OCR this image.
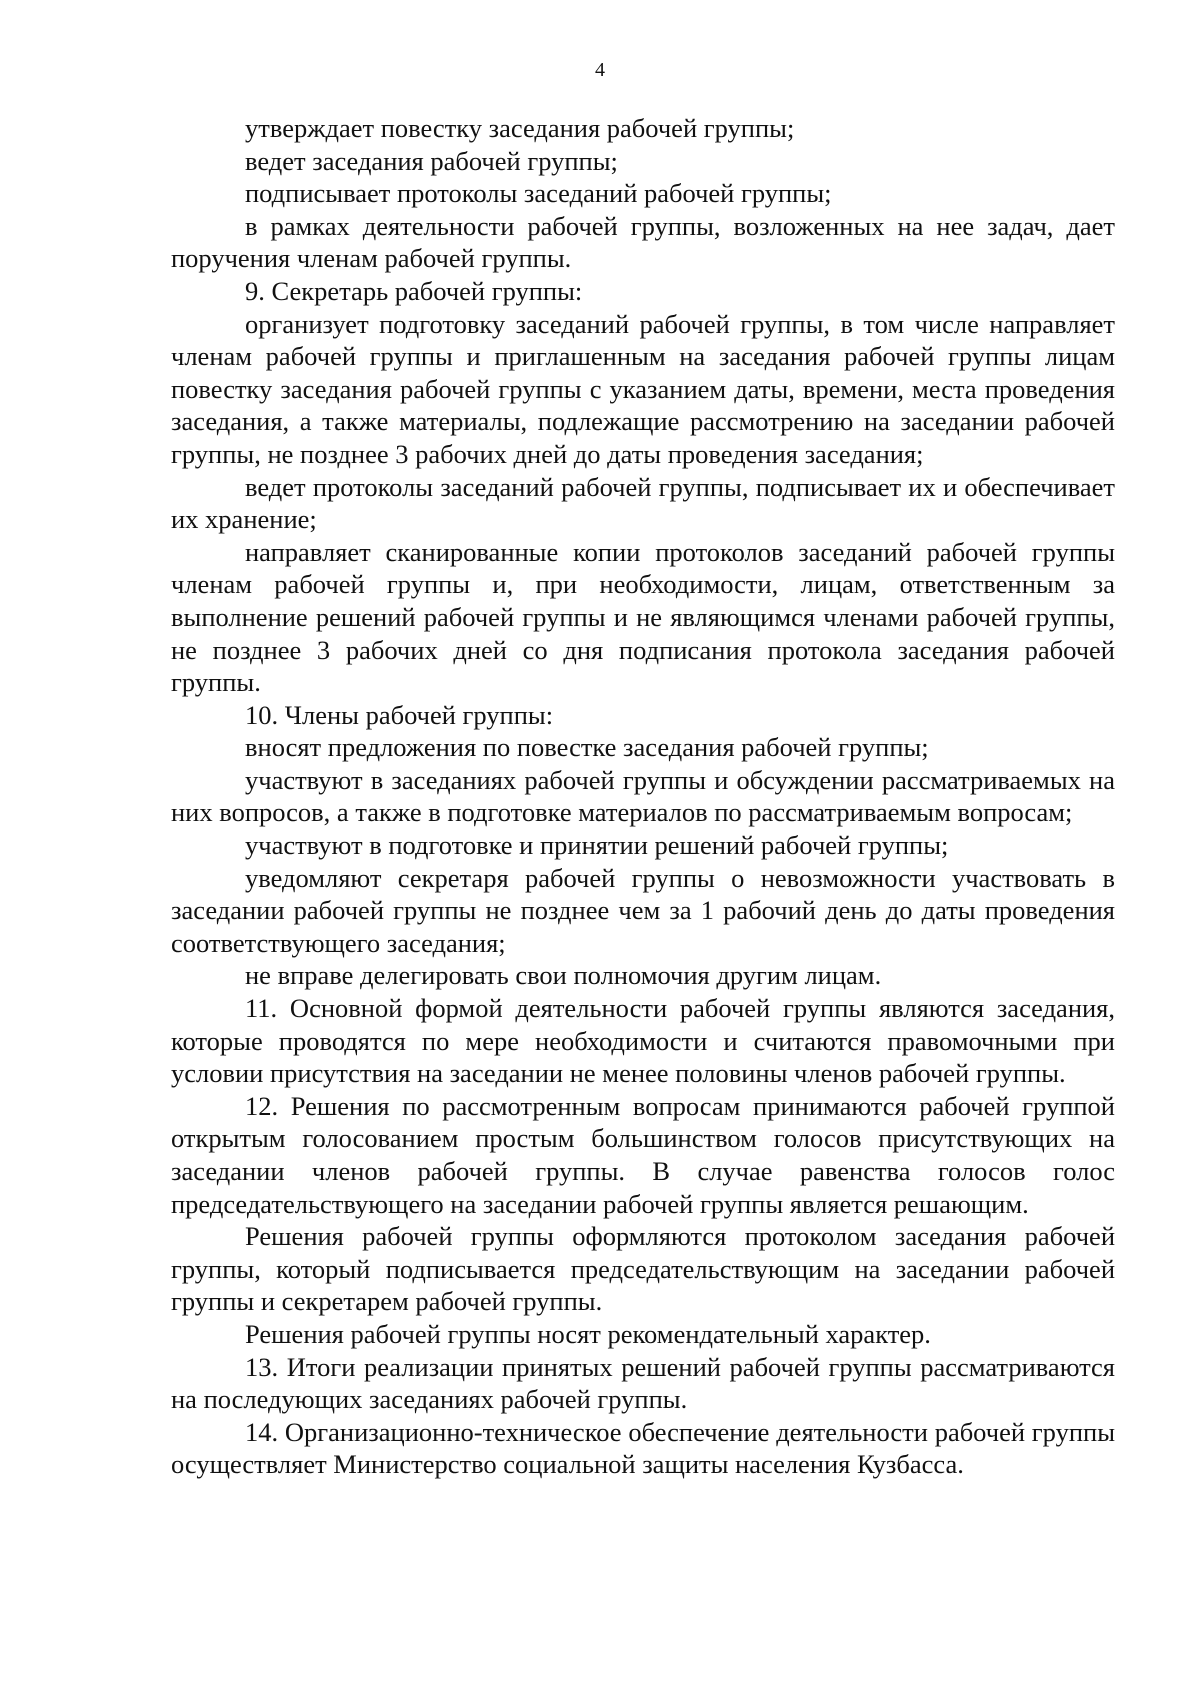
4

утверждает повестку заседания рабочей группы;

ведет заседания рабочей группы;

подписывает протоколы заседаний рабочей группы;

в рамках деятельности рабочей группы, возложенных на нее задач, дает поручения членам рабочей группы.

9. Секретарь рабочей группы:

организует подготовку заседаний рабочей группы, в том числе направляет членам рабочей группы и приглашенным на заседания рабочей группы лицам повестку заседания рабочей группы с указанием даты, времени, места проведения заседания, а также материалы, подлежащие рассмотрению на заседании рабочей группы, не позднее 3 рабочих дней до даты проведения заседания;

ведет протоколы заседаний рабочей группы, подписывает их и обеспечивает их хранение;

направляет сканированные копии протоколов заседаний рабочей группы членам рабочей группы и, при необходимости, лицам, ответственным за выполнение решений рабочей группы и не являющимся членами рабочей группы, не позднее 3 рабочих дней со дня подписания протокола заседания рабочей группы.

10. Члены рабочей группы:

вносят предложения по повестке заседания рабочей группы;

участвуют в заседаниях рабочей группы и обсуждении рассматриваемых на них вопросов, а также в подготовке материалов по рассматриваемым вопросам;

участвуют в подготовке и принятии решений рабочей группы;

уведомляют секретаря рабочей группы о невозможности участвовать в заседании рабочей группы не позднее чем за 1 рабочий день до даты проведения соответствующего заседания;

не вправе делегировать свои полномочия другим лицам.

11. Основной формой деятельности рабочей группы являются заседания, которые проводятся по мере необходимости и считаются правомочными при условии присутствия на заседании не менее половины членов рабочей группы.

12. Решения по рассмотренным вопросам принимаются рабочей группой открытым голосованием простым большинством голосов присутствующих на заседании членов рабочей группы. В случае равенства голосов голос председательствующего на заседании рабочей группы является решающим.

Решения рабочей группы оформляются протоколом заседания рабочей группы, который подписывается председательствующим на заседании рабочей группы и секретарем рабочей группы.

Решения рабочей группы носят рекомендательный характер.

13. Итоги реализации принятых решений рабочей группы рассматриваются на последующих заседаниях рабочей группы.

14. Организационно-техническое обеспечение деятельности рабочей группы осуществляет Министерство социальной защиты населения Кузбасса.
